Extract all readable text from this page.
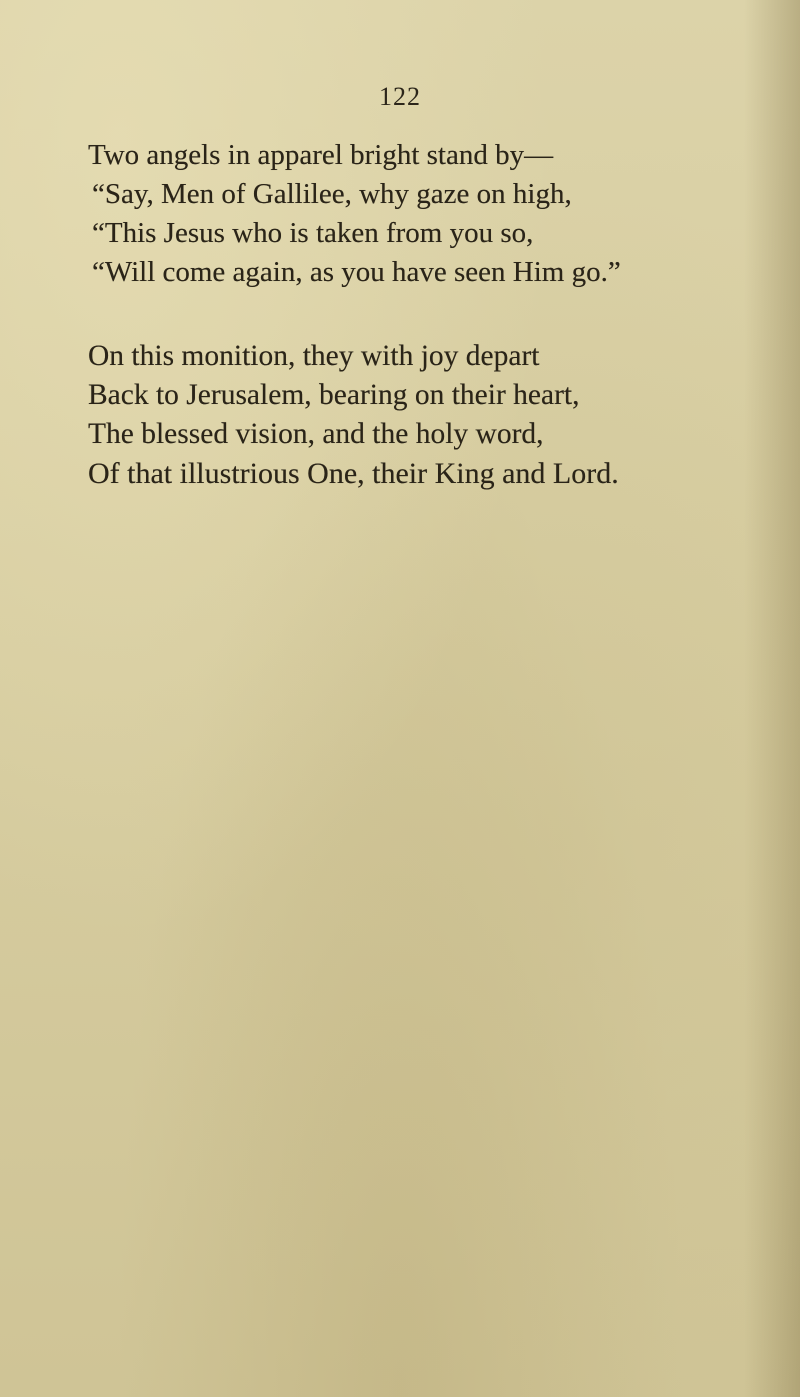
122
Two angels in apparel bright stand by—
“Say, Men of Gallilee, why gaze on high,
“This Jesus who is taken from you so,
“Will come again, as you have seen Him go.”
On this monition, they with joy depart
Back to Jerusalem, bearing on their heart,
The blessed vision, and the holy word,
Of that illustrious One, their King and Lord.
